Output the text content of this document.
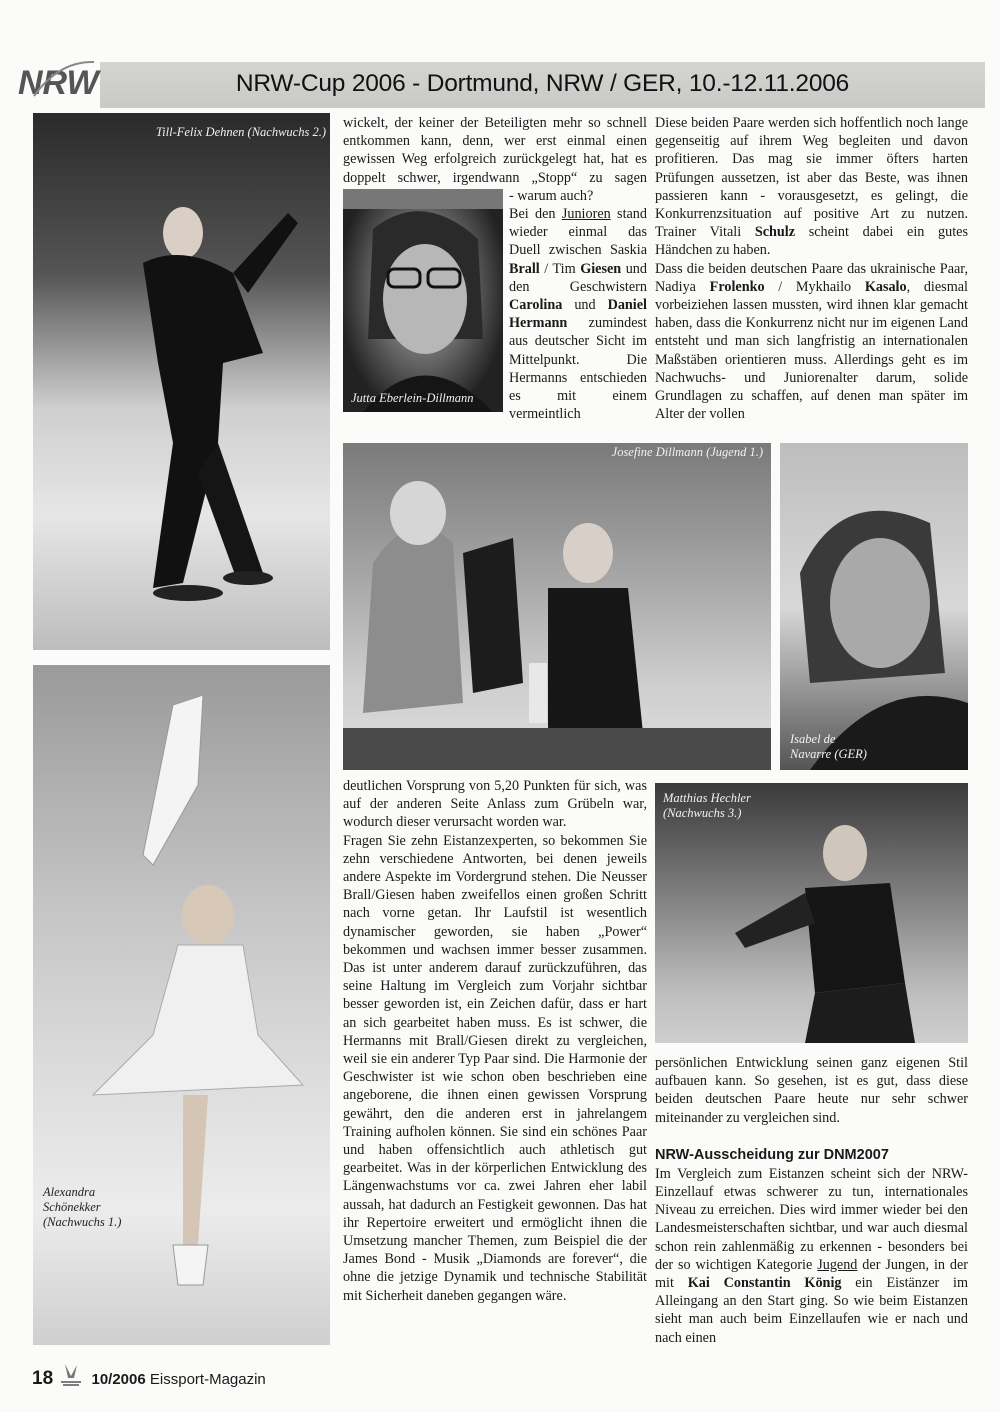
NRW	NRW-Cup 2006 - Dortmund, NRW / GER, 10.-12.11.2006
Till-Felix Dehnen (Nachwuchs 2.)
Alexandra
Schönekker
(Nachwuchs 1.)

wickelt, der keiner der Beteiligten mehr so schnell entkommen kann, denn, wer erst einmal einen gewissen Weg erfolgreich zurückgelegt hat, hat es doppelt schwer, irgendwann „Stopp“ zu sagen

Jutta Eberlein-Dillmann

- warum auch?
Bei den Junioren stand wieder einmal das Duell zwischen Saskia Brall / Tim Giesen und den Geschwistern Carolina und Daniel Hermann zumindest aus deutscher Sicht im Mittelpunkt. Die Hermanns entschieden es mit einem vermeintlich

Diese beiden Paare werden sich hoffentlich noch lange gegenseitig auf ihrem Weg begleiten und davon profitieren. Das mag sie immer öfters harten Prüfungen aussetzen, ist aber das Beste, was ihnen passieren kann - vorausgesetzt, es gelingt, die Konkurrenzsituation auf positive Art zu nutzen. Trainer Vitali Schulz scheint dabei ein gutes Händchen zu haben.

Dass die beiden deutschen Paare das ukrainische Paar, Nadiya Frolenko / Mykhailo Kasalo, diesmal vorbeiziehen lassen mussten, wird ihnen klar gemacht haben, dass die Konkurrenz nicht nur im eigenen Land entsteht und man sich langfristig an internationalen Maßstäben orientieren muss. Allerdings geht es im Nachwuchs- und Juniorenalter darum, solide Grundlagen zu schaffen, auf denen man später im Alter der vollen

Josefine Dillmann (Jugend 1.)
Isabel de
Navarre (GER)

deutlichen Vorsprung von 5,20 Punkten für sich, was auf der anderen Seite Anlass zum Grübeln war, wodurch dieser verursacht worden war.

Fragen Sie zehn Eistanzexperten, so bekommen Sie zehn verschiedene Antworten, bei denen jeweils andere Aspekte im Vordergrund stehen. Die Neusser Brall/Giesen haben zweifellos einen großen Schritt nach vorne getan. Ihr Laufstil ist wesentlich dynamischer geworden, sie haben „Power“ bekommen und wachsen immer besser zusammen. Das ist unter anderem darauf zurückzuführen, das seine Haltung im Vergleich zum Vorjahr sichtbar besser geworden ist, ein Zeichen dafür, dass er hart an sich gearbeitet haben muss. Es ist schwer, die Hermanns mit Brall/Giesen direkt zu vergleichen, weil sie ein anderer Typ Paar sind. Die Harmonie der Geschwister ist wie schon oben beschrieben eine angeborene, die ihnen einen gewissen Vorsprung gewährt, den die anderen erst in jahrelangem Training aufholen können. Sie sind ein schönes Paar und haben offensichtlich auch athletisch gut gearbeitet. Was in der körperlichen Entwicklung des Längenwachstums vor ca. zwei Jahren eher labil aussah, hat dadurch an Festigkeit gewonnen. Das hat ihr Repertoire erweitert und ermöglicht ihnen die Umsetzung mancher Themen, zum Beispiel die der James Bond - Musik „Diamonds are forever“, die ohne die jetzige Dynamik und technische Stabilität mit Sicherheit daneben gegangen wäre.

Matthias Hechler
(Nachwuchs 3.)

persönlichen Entwicklung seinen ganz eigenen Stil aufbauen kann. So gesehen, ist es gut, dass diese beiden deutschen Paare heute nur sehr schwer miteinander zu vergleichen sind.

NRW-Ausscheidung zur DNM2007

Im Vergleich zum Eistanzen scheint sich der NRW-Einzellauf etwas schwerer zu tun, internationales Niveau zu erreichen. Dies wird immer wieder bei den Landesmeisterschaften sichtbar, und war auch diesmal schon rein zahlenmäßig zu erkennen - besonders bei der so wichtigen Kategorie Jugend der Jungen, in der mit Kai Constantin König ein Eistänzer im Alleingang an den Start ging. So wie beim Eistanzen sieht man auch beim Einzellaufen wie er nach und nach einen

18	10/2006 Eissport-Magazin
